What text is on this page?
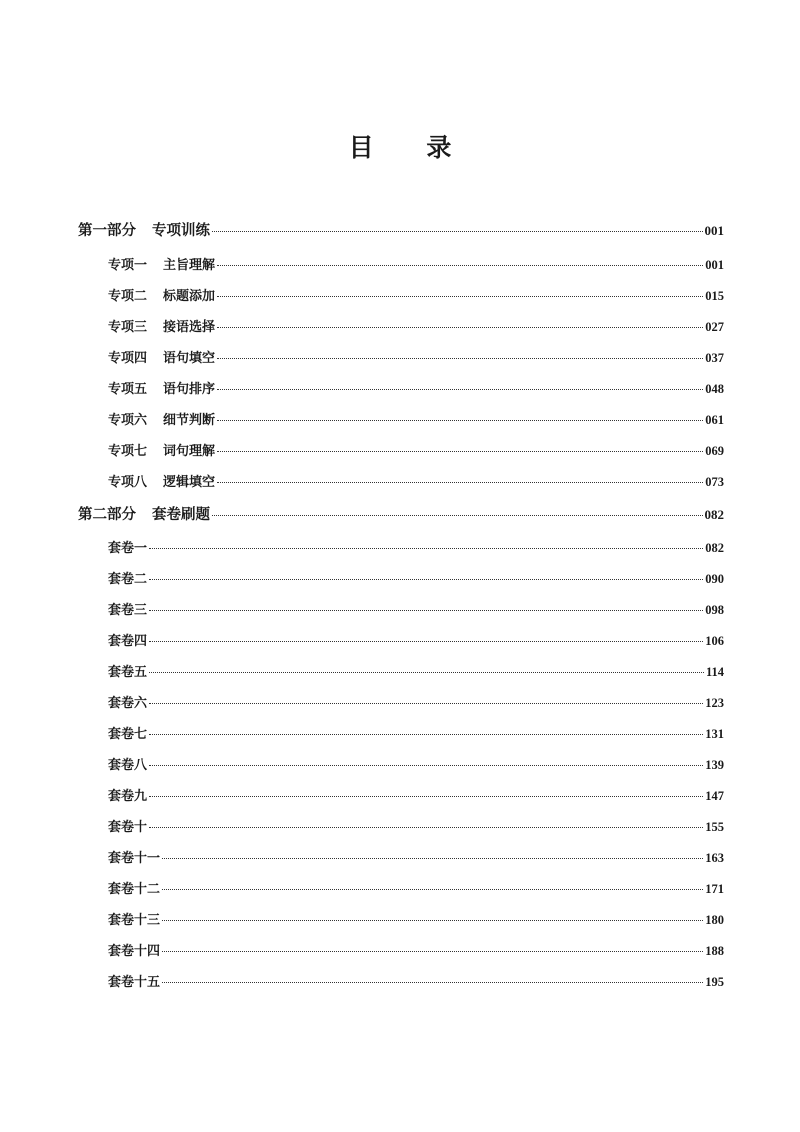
目 录
第一部分 专项训练	001
专项一 主旨理解	001
专项二 标题添加	015
专项三 接语选择	027
专项四 语句填空	037
专项五 语句排序	048
专项六 细节判断	061
专项七 词句理解	069
专项八 逻辑填空	073
第二部分 套卷刷题	082
套卷一	082
套卷二	090
套卷三	098
套卷四	106
套卷五	114
套卷六	123
套卷七	131
套卷八	139
套卷九	147
套卷十	155
套卷十一	163
套卷十二	171
套卷十三	180
套卷十四	188
套卷十五	195
